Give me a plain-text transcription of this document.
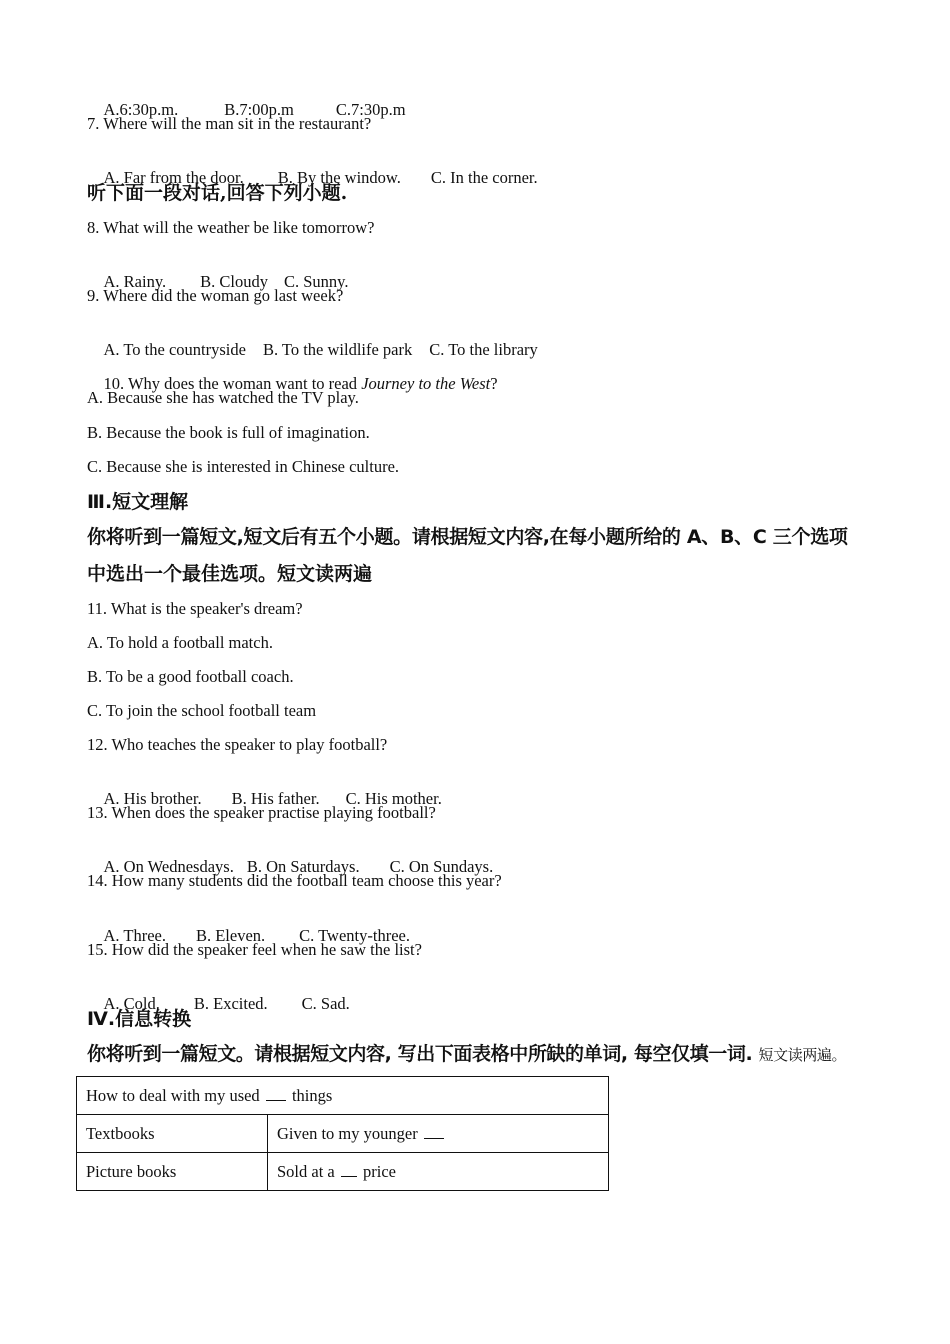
A.6:30p.m.	B.7:00p.m	C.7:30p.m

7. Where will the man sit in the restaurant?

A. Far from the door. B. By the window. C. In the corner.

听下面一段对话,回答下列小题.
8. What will the weather be like tomorrow?

A. Rainy. B. Cloudy C. Sunny.

9. Where did the woman go last week?

A. To the countryside B. To the wildlife park C. To the library

10. Why does the woman want to read Journey to the West?

A. Because she has watched the TV play.
B. Because the book is full of imagination.
C. Because she is interested in Chinese culture.
Ⅲ.短文理解
你将听到一篇短文,短文后有五个小题。请根据短文内容,在每小题所给的 A、B、C 三个选项
中选出一个最佳选项。短文读两遍
11. What is the speaker's dream?
A. To hold a football match.
B. To be a good football coach.
C. To join the school football team
12. Who teaches the speaker to play football?

A. His brother. B. His father. C. His mother.

13. When does the speaker practise playing football?

A. On Wednesdays. B. On Saturdays. C. On Sundays.

14. How many students did the football team choose this year?

A. Three. B. Eleven. C. Twenty-three.

15. How did the speaker feel when he saw the list?

A. Cold. B. Excited. C. Sad.

Ⅳ.信息转换
你将听到一篇短文。请根据短文内容, 写出下面表格中所缺的单词, 每空仅填一词. 短文读两遍。
How to deal with my used things	
Textbooks	Given to my younger
Picture books	Sold at a price
